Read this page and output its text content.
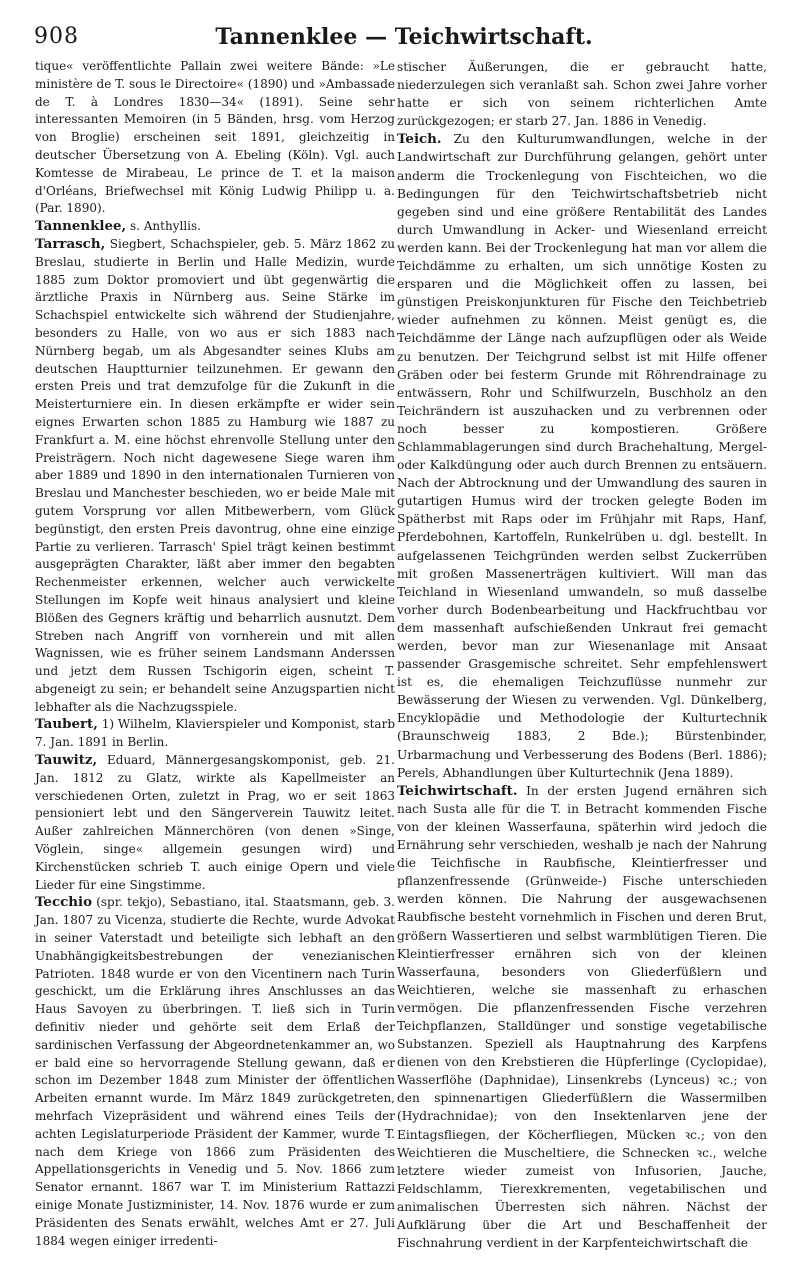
908	Tannenklee — Teichwirtschaft.

tique« veröffentlichte Pallain zwei weitere Bände: »Le ministère de T. sous le Directoire« (1890) und »Ambassade de T. à Londres 1830—34« (1891). Seine sehr interessanten Memoiren (in 5 Bänden, hrsg. vom Herzog von Broglie) erscheinen seit 1891, gleichzeitig in deutscher Übersetzung von A. Ebeling (Köln). Vgl. auch Komtesse de Mirabeau, Le prince de T. et la maison d'Orléans, Briefwechsel mit König Ludwig Philipp u. a. (Par. 1890).

Tannenklee, s. Anthyllis.

Tarrasch, Siegbert, Schachspieler, geb. 5. März 1862 zu Breslau, studierte in Berlin und Halle Medizin, wurde 1885 zum Doktor promoviert und übt gegenwärtig die ärztliche Praxis in Nürnberg aus. Seine Stärke im Schachspiel entwickelte sich während der Studienjahre, besonders zu Halle, von wo aus er sich 1883 nach Nürnberg begab, um als Abgesandter seines Klubs am deutschen Hauptturnier teilzunehmen. Er gewann den ersten Preis und trat demzufolge für die Zukunft in die Meisterturniere ein. In diesen erkämpfte er wider sein eignes Erwarten schon 1885 zu Hamburg wie 1887 zu Frankfurt a. M. eine höchst ehrenvolle Stellung unter den Preisträgern. Noch nicht dagewesene Siege waren ihm aber 1889 und 1890 in den internationalen Turnieren von Breslau und Manchester beschieden, wo er beide Male mit gutem Vorsprung vor allen Mitbewerbern, vom Glück begünstigt, den ersten Preis davontrug, ohne eine einzige Partie zu verlieren. Tarrasch' Spiel trägt keinen bestimmt ausgeprägten Charakter, läßt aber immer den begabten Rechenmeister erkennen, welcher auch verwickelte Stellungen im Kopfe weit hinaus analysiert und kleine Blößen des Gegners kräftig und beharrlich ausnutzt. Dem Streben nach Angriff von vornherein und mit allen Wagnissen, wie es früher seinem Landsmann Anderssen und jetzt dem Russen Tschigorin eigen, scheint T. abgeneigt zu sein; er behandelt seine Anzugspartien nicht lebhafter als die Nachzugsspiele.

Taubert, 1) Wilhelm, Klavierspieler und Komponist, starb 7. Jan. 1891 in Berlin.

Tauwitz, Eduard, Männergesangskomponist, geb. 21. Jan. 1812 zu Glatz, wirkte als Kapellmeister an verschiedenen Orten, zuletzt in Prag, wo er seit 1863 pensioniert lebt und den Sängerverein Tauwitz leitet. Außer zahlreichen Männerchören (von denen »Singe, Vöglein, singe« allgemein gesungen wird) und Kirchenstücken schrieb T. auch einige Opern und viele Lieder für eine Singstimme.

Tecchio (spr. tekjo), Sebastiano, ital. Staatsmann, geb. 3. Jan. 1807 zu Vicenza, studierte die Rechte, wurde Advokat in seiner Vaterstadt und beteiligte sich lebhaft an den Unabhängigkeitsbestrebungen der venezianischen Patrioten. 1848 wurde er von den Vicentinern nach Turin geschickt, um die Erklärung ihres Anschlusses an das Haus Savoyen zu überbringen. T. ließ sich in Turin definitiv nieder und gehörte seit dem Erlaß der sardinischen Verfassung der Abgeordnetenkammer an, wo er bald eine so hervorragende Stellung gewann, daß er schon im Dezember 1848 zum Minister der öffentlichen Arbeiten ernannt wurde. Im März 1849 zurückgetreten, mehrfach Vizepräsident und während eines Teils der achten Legislaturperiode Präsident der Kammer, wurde T. nach dem Kriege von 1866 zum Präsidenten des Appellationsgerichts in Venedig und 5. Nov. 1866 zum Senator ernannt. 1867 war T. im Ministerium Rattazzi einige Monate Justizminister, 14. Nov. 1876 wurde er zum Präsidenten des Senats erwählt, welches Amt er 27. Juli 1884 wegen einiger irredenti-

stischer Äußerungen, die er gebraucht hatte, niederzulegen sich veranlaßt sah. Schon zwei Jahre vorher hatte er sich von seinem richterlichen Amte zurückgezogen; er starb 27. Jan. 1886 in Venedig.

Teich. Zu den Kulturumwandlungen, welche in der Landwirtschaft zur Durchführung gelangen, gehört unter anderm die Trockenlegung von Fischteichen, wo die Bedingungen für den Teichwirtschaftsbetrieb nicht gegeben sind und eine größere Rentabilität des Landes durch Umwandlung in Acker- und Wiesenland erreicht werden kann. Bei der Trockenlegung hat man vor allem die Teichdämme zu erhalten, um sich unnötige Kosten zu ersparen und die Möglichkeit offen zu lassen, bei günstigen Preiskonjunkturen für Fische den Teichbetrieb wieder aufnehmen zu können. Meist genügt es, die Teichdämme der Länge nach aufzupflügen oder als Weide zu benutzen. Der Teichgrund selbst ist mit Hilfe offener Gräben oder bei festerm Grunde mit Röhrendrainage zu entwässern, Rohr und Schilfwurzeln, Buschholz an den Teichrändern ist auszuhacken und zu verbrennen oder noch besser zu kompostieren. Größere Schlammablagerungen sind durch Brachehaltung, Mergel- oder Kalkdüngung oder auch durch Brennen zu entsäuern. Nach der Abtrocknung und der Umwandlung des sauren in gutartigen Humus wird der trocken gelegte Boden im Spätherbst mit Raps oder im Frühjahr mit Raps, Hanf, Pferdebohnen, Kartoffeln, Runkelrüben u. dgl. bestellt. In aufgelassenen Teichgründen werden selbst Zuckerrüben mit großen Massenerträgen kultiviert. Will man das Teichland in Wiesenland umwandeln, so muß dasselbe vorher durch Bodenbearbeitung und Hackfruchtbau vor dem massenhaft aufschießenden Unkraut frei gemacht werden, bevor man zur Wiesenanlage mit Ansaat passender Grasgemische schreitet. Sehr empfehlenswert ist es, die ehemaligen Teichzuflüsse nunmehr zur Bewässerung der Wiesen zu verwenden. Vgl. Dünkelberg, Encyklopädie und Methodologie der Kulturtechnik (Braunschweig 1883, 2 Bde.); Bürstenbinder, Urbarmachung und Verbesserung des Bodens (Berl. 1886); Perels, Abhandlungen über Kulturtechnik (Jena 1889).

Teichwirtschaft. In der ersten Jugend ernähren sich nach Susta alle für die T. in Betracht kommenden Fische von der kleinen Wasserfauna, späterhin wird jedoch die Ernährung sehr verschieden, weshalb je nach der Nahrung die Teichfische in Raubfische, Kleintierfresser und pflanzenfressende (Grünweide-) Fische unterschieden werden können. Die Nahrung der ausgewachsenen Raubfische besteht vornehmlich in Fischen und deren Brut, größern Wassertieren und selbst warmblütigen Tieren. Die Kleintierfresser ernähren sich von der kleinen Wasserfauna, besonders von Gliederfüßlern und Weichtieren, welche sie massenhaft zu erhaschen vermögen. Die pflanzenfressenden Fische verzehren Teichpflanzen, Stalldünger und sonstige vegetabilische Substanzen. Speziell als Hauptnahrung des Karpfens dienen von den Krebstieren die Hüpferlinge (Cyclopidae), Wasserflöhe (Daphnidae), Linsenkrebs (Lynceus) ꝛc.; von den spinnenartigen Gliederfüßlern die Wassermilben (Hydrachnidae); von den Insektenlarven jene der Eintagsfliegen, der Köcherfliegen, Mücken ꝛc.; von den Weichtieren die Muscheltiere, die Schnecken ꝛc., welche letztere wieder zumeist von Infusorien, Jauche, Feldschlamm, Tierexkrementen, vegetabilischen und animalischen Überresten sich nähren. Nächst der Aufklärung über die Art und Beschaffenheit der Fischnahrung verdient in der Karpfenteichwirtschaft die
